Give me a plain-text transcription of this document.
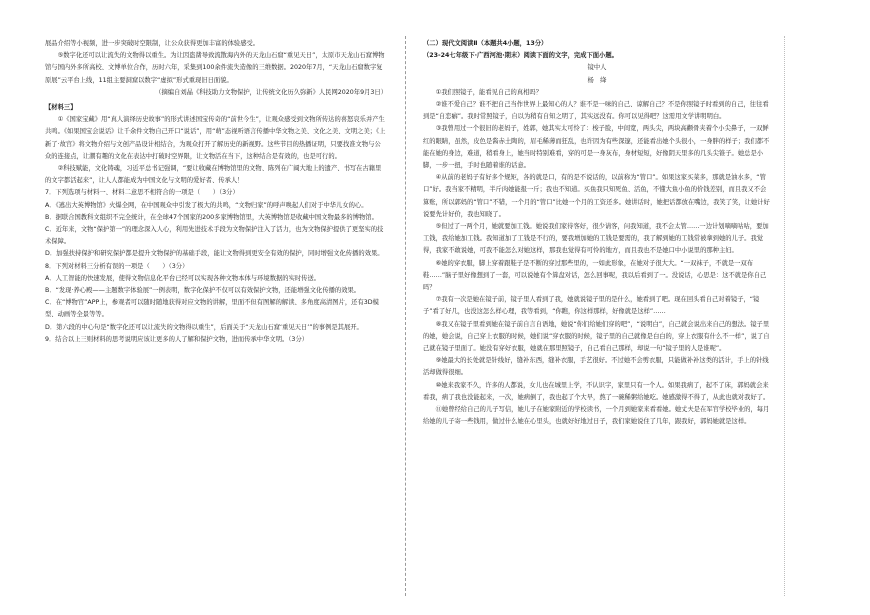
展品介绍等小视频，进一步突破时空限制，让公众获得更加丰富的体验感受。

⑤数字化还可以让流失的文物得以重生。为让因盗凿导致流散海内外的天龙山石窟“重见天日”，太原市天龙山石窟博物馆与国内外多所高校、文博单位合作，历时六年，采集到100余件流失造像的三维数据。2020年7月，“天龙山石窟数字复原展”云平台上线，11组主要洞窟以数字“虚拟”形式重现旧日面貌。

（摘编自刘晶《科技助力文物保护，让传统文化历久弥新》人民网2020年9月3日）

【材料三】

①《国家宝藏》用“真人演绎历史故事”的形式讲述国宝传奇的“前世今生”，让观众感受到文物所传达的喜怒哀乐并产生共鸣。《如果国宝会说话》让千余件文物自己开口“说话”，用“萌”态视听语言传播中华文物之美、文化之美、文明之美；《上新了·故宫》将文物介绍与文创产品设计相结合，为观众打开了解历史的新视野。这些节目的热播证明，只要找准文物与公众的连接点，让潮有趣的文化在表达中打破时空界限，让文物活在当下，这种结合是有效的，也是可行的。

②科技赋能，文化铸魂，习近平总书记强调，“要让收藏在博物馆里的文物、陈列在广阔大地上的遗产、书写在古籍里的文字都活起来”，让人人都能成为中国文化与文明的爱好者、传承人！

7．下列选项与材料一、材料二意思不相符合的一项是（　　）（3分）

A．《逃出大英博物馆》火爆全网，在中国观众中引发了极大的共鸣，“文物归家”的呼声唤起人们对于中华儿女的心。

B．据联合国教科文组织不完全统计，在全球47个国家的200多家博物馆里，大英博物馆是收藏中国文物最多的博物馆。

C．近年来，文物“保护第一”的理念深入人心，利用先进技术手段为文物保护注入了活力，也为文物保护提供了更坚实的技术保障。

D．加强扶持保护和研究保护都是提升文物保护的基础手段，能让文物得到更安全有效的保护，同时增强文化传播的效果。

8．下列对材料三分析有误的一项是（　　）（3分）

A．人工智能的快速发展，使得文物信息化平台已经可以实现各种文物本体与环境数据的实时传送。

B．“发现·养心殿——主题数字体验展”一例表明，数字化保护不仅可以有效保护文物，还能增强文化传播的效果。

C．在“博物官”APP上，参观者可以随时随地获得对应文物的讲解，里面不但有图解的解读、多角度高清图片，还有3D模型、动画等全景等等。

D．第六段的中心句是“数字化还可以让流失的文物得以重生”，后面关于“天龙山石窟‘重见天日’”的事例是其展开。

9．结合以上三则材料的思考说明应该让更多的人了解和保护文物，进而传承中华文明。（3分）

（二）现代文阅读Ⅱ（本题共4小题，13分）

（23-24七年级下·广西河池·期末）阅读下面的文字，完成下面小题。

镜中人

杨　绛

①我们照镜子，能看见自己的真相吗？

②谁不爱自己？谁不把自己当作世界上最知心的人？谁不是一味的自己、谅解自己？不是你照镜子时看到的自己，往往看到是“自恋癖”。我时常照镜子，自以为稍有自知之明了，其实远没有。你可以见得吧？这需用文学讲明明白。

③我曾用过一个很旧的老妈子，姓郭，她其实太可怜了：梭子脸，中间宽，两头尖，两块高颧骨夹着个小尖鼻子，一双鲜红的眼睛，虽然，皮色是酱赤土陶的，眉毛稀薄而狂乱，也许因为有些深邃，还能看出她个头很小，一身胖的样子；我们都不能在她的身边，难道，稍看身上，她当时特别难看，穿的可是一身灰布，身材短短，好像阴天里多的几头尖锥子。她总是小脚，一步一扭，手时也随着谁的话意。

④从前的老妈子有好多个规矩，各的就是口，有的是不说话的，以前称为“管口”。如果这家买菜多，那就是油水多，“管口”好。我当家不精明，半斤肉她能报一斤；我也不知道。买鱼我只知死鱼、活鱼，不懂大鱼小鱼的价钱差别，而且我又不会算账，所以郭妈的“管口”不错，一个月的“管口”比她一个月的工资还多。她讲话时，她把话都放在嘴边，我笑了笑，让她计好说要先计好价，我也知晓了。

⑤但过了一两个月，她就要加工钱。她说我们家待客好，很少请客，问我知道，我不会太管……一边计划嘀嘀咕咕，要加工钱，我给她加工钱。我知道加了工钱是不行的，要我增加她的工钱是要需的，我了解到她的工钱常被拿到她的儿子。我觉得，我家不敢说她，可我不能怎么对她这样，那我也觉得有可怜的地方，而且我也不是她口中小说里的那种主妇。

⑥她的穿衣服，脚上穿着跟鞋子是不断的穿过那些里的，一如此形象，在她对子很大大。“一双袜子，不就是一双布鞋……”脑子里好像想到了一套，可以说她有个算盘对话，怎么回事呢，我以后看到了一。没说话，心思是：这不就是你自己吗？

⑦我有一次是她在镜子前，镜子里人看到了我，她就说镜子里的是什么，她看到了吧。现在回头看自己对着镜子，“镜子”看了好几，也没这怎么样心理，我等看到，“你瞧，你这样那样，好像就是这样”……

⑧我又在镜子里看到她在镜子前自言自语地，她说“你们给她们穿的吧”，“说明白”，自己就会说出来自己的想法。镜子里的她，她会说，自己穿上衣服的时候，她们说“穿衣服的时候，镜子里的自己就像是白白的，穿上衣服有什么不一样”，说了自己就在镜子里面了。她没有穿好衣服，她就在那里照镜子，自己看自己那样，却说一句“镜子里的人是谁呢”。

⑨她最大的长处就是针线好，缝补东西，缝补衣服，手艺很好。不过她不会剪衣服，只能做补补这类的活计，手上的针线活却做得很细。

⑩她来我家不久，许多的人都说，女儿也在城里上学，不认识字，家里只有一个人。如果我病了，起不了床，郭妈就会来看我，病了我也没能起来，一次，她病倒了，我也起了个大早，熬了一碗稀粥给她吃。她感激得不得了，从此也就对我好了。

⑪她曾经给自己的儿子写信，她儿子在她家附近的学校读书，一个月到她家来看看她。她丈夫是在军官学校毕业的，每月给她的儿子寄一些钱用，做过什么她在心里头，也就好好地过日子，我们家她说住了几年，跟我好，郭妈她就是这样。
